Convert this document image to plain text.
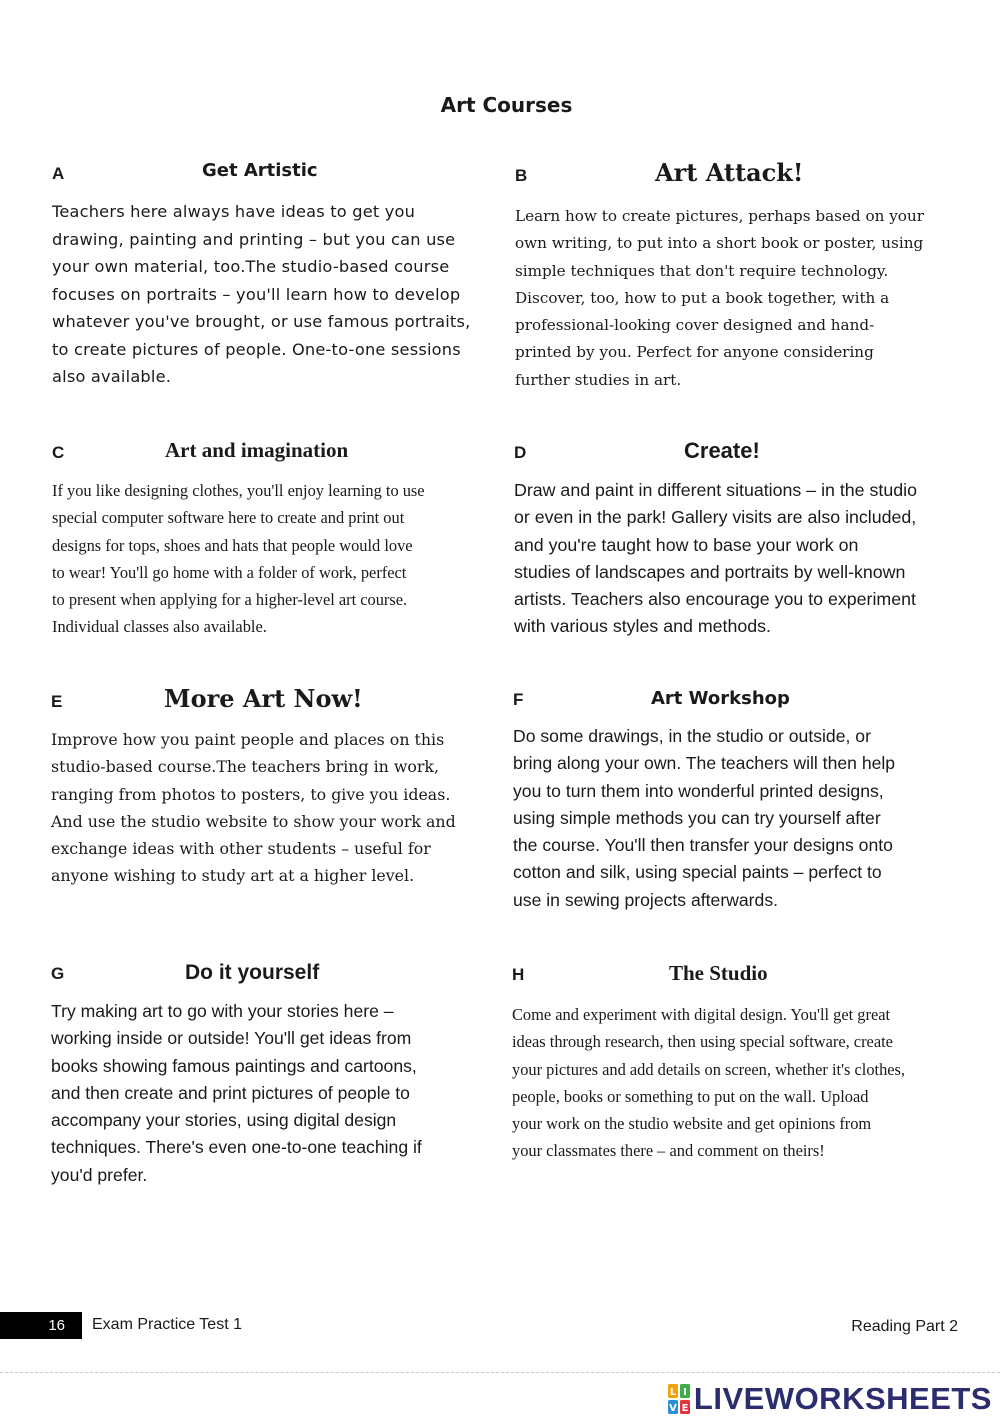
Art Courses
A	Get Artistic
Teachers here always have ideas to get you
drawing, painting and printing – but you can use
your own material, too.The studio-based course
focuses on portraits – you'll learn how to develop
whatever you've brought, or use famous portraits,
to create pictures of people. One-to-one sessions
also available.
B	Art Attack!
Learn how to create pictures, perhaps based on your
own writing, to put into a short book or poster, using
simple techniques that don't require technology.
Discover, too, how to put a book together, with a
professional-looking cover designed and hand-
printed by you. Perfect for anyone considering
further studies in art.
C	Art and imagination
If you like designing clothes, you'll enjoy learning to use
special computer software here to create and print out
designs for tops, shoes and hats that people would love
to wear! You'll go home with a folder of work, perfect
to present when applying for a higher-level art course.
Individual classes also available.
D	Create!
Draw and paint in different situations – in the studio
or even in the park! Gallery visits are also included,
and you're taught how to base your work on
studies of landscapes and portraits by well-known
artists. Teachers also encourage you to experiment
with various styles and methods.
E	More Art Now!
Improve how you paint people and places on this
studio-based course.The teachers bring in work,
ranging from photos to posters, to give you ideas.
And use the studio website to show your work and
exchange ideas with other students – useful for
anyone wishing to study art at a higher level.
F	Art Workshop
Do some drawings, in the studio or outside, or
bring along your own. The teachers will then help
you to turn them into wonderful printed designs,
using simple methods you can try yourself after
the course. You'll then transfer your designs onto
cotton and silk, using special paints – perfect to
use in sewing projects afterwards.
G	Do it yourself
Try making art to go with your stories here –
working inside or outside! You'll get ideas from
books showing famous paintings and cartoons,
and then create and print pictures of people to
accompany your stories, using digital design
techniques. There's even one-to-one teaching if
you'd prefer.
H	The Studio
Come and experiment with digital design. You'll get great
ideas through research, then using special software, create
your pictures and add details on screen, whether it's clothes,
people, books or something to put on the wall. Upload
your work on the studio website and get opinions from
your classmates there – and comment on theirs!
16	Exam Practice Test 1	Reading Part 2
L I
V E LIVEWORKSHEETS
